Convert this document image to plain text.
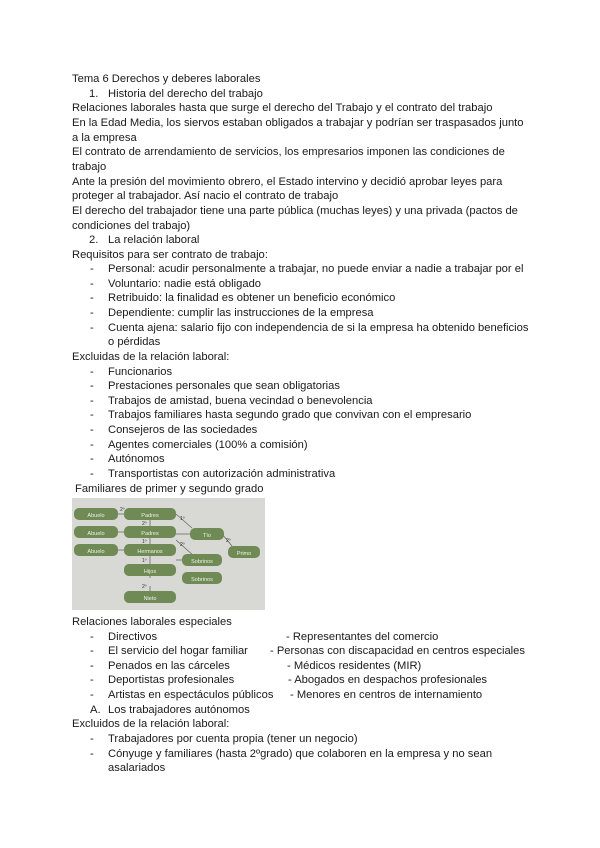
Tema 6 Derechos y deberes laborales
1. Historia del derecho del trabajo
Relaciones laborales hasta que surge el derecho del Trabajo y el contrato del trabajo
En la Edad Media, los siervos estaban obligados a trabajar y podrían ser traspasados junto
a la empresa
El contrato de arrendamiento de servicios, los empresarios imponen las condiciones de
trabajo
Ante la presión del movimiento obrero, el Estado intervino y decidió aprobar leyes para
proteger al trabajador. Así nacio el contrato de trabajo
El derecho del trabajador tiene una parte pública (muchas leyes) y una privada (pactos de
condiciones del trabajo)
2. La relación laboral
Requisitos para ser contrato de trabajo:
- Personal: acudir personalmente a trabajar, no puede enviar a nadie a trabajar por el
- Voluntario: nadie está obligado
- Retribuido: la finalidad es obtener un beneficio económico
- Dependiente: cumplir las instrucciones de la empresa
- Cuenta ajena: salario fijo con independencia de si la empresa ha obtenido beneficios
o pérdidas
Excluidas de la relación laboral:
- Funcionarios
- Prestaciones personales que sean obligatorias
- Trabajos de amistad, buena vecindad o benevolencia
- Trabajos familiares hasta segundo grado que convivan con el empresario
- Consejeros de las sociedades
- Agentes comerciales (100% a comisión)
- Autónomos
- Transportistas con autorización administrativa
Familiares de primer y segundo grado
Abuelo
Abuelo
Abuelo
Padres
Padres	Tío
Primo
Hermanos
Hijos
Sobrinos
Sobrinos
Nieto
2º
2º
1º
1º	2º
1º
2º
2º
Relaciones laborales especiales
- Directivos	- Representantes del comercio
- El servicio del hogar familiar - Personas con discapacidad en centros especiales
- Penados en las cárceles	- Médicos residentes (MIR)
- Deportistas profesionales	- Abogados en despachos profesionales
- Artistas en espectáculos públicos - Menores en centros de internamiento
A. Los trabajadores autónomos
Excluidos de la relación laboral:
- Trabajadores por cuenta propia (tener un negocio)
- Cónyuge y familiares (hasta 2ºgrado) que colaboren en la empresa y no sean
asalariados
